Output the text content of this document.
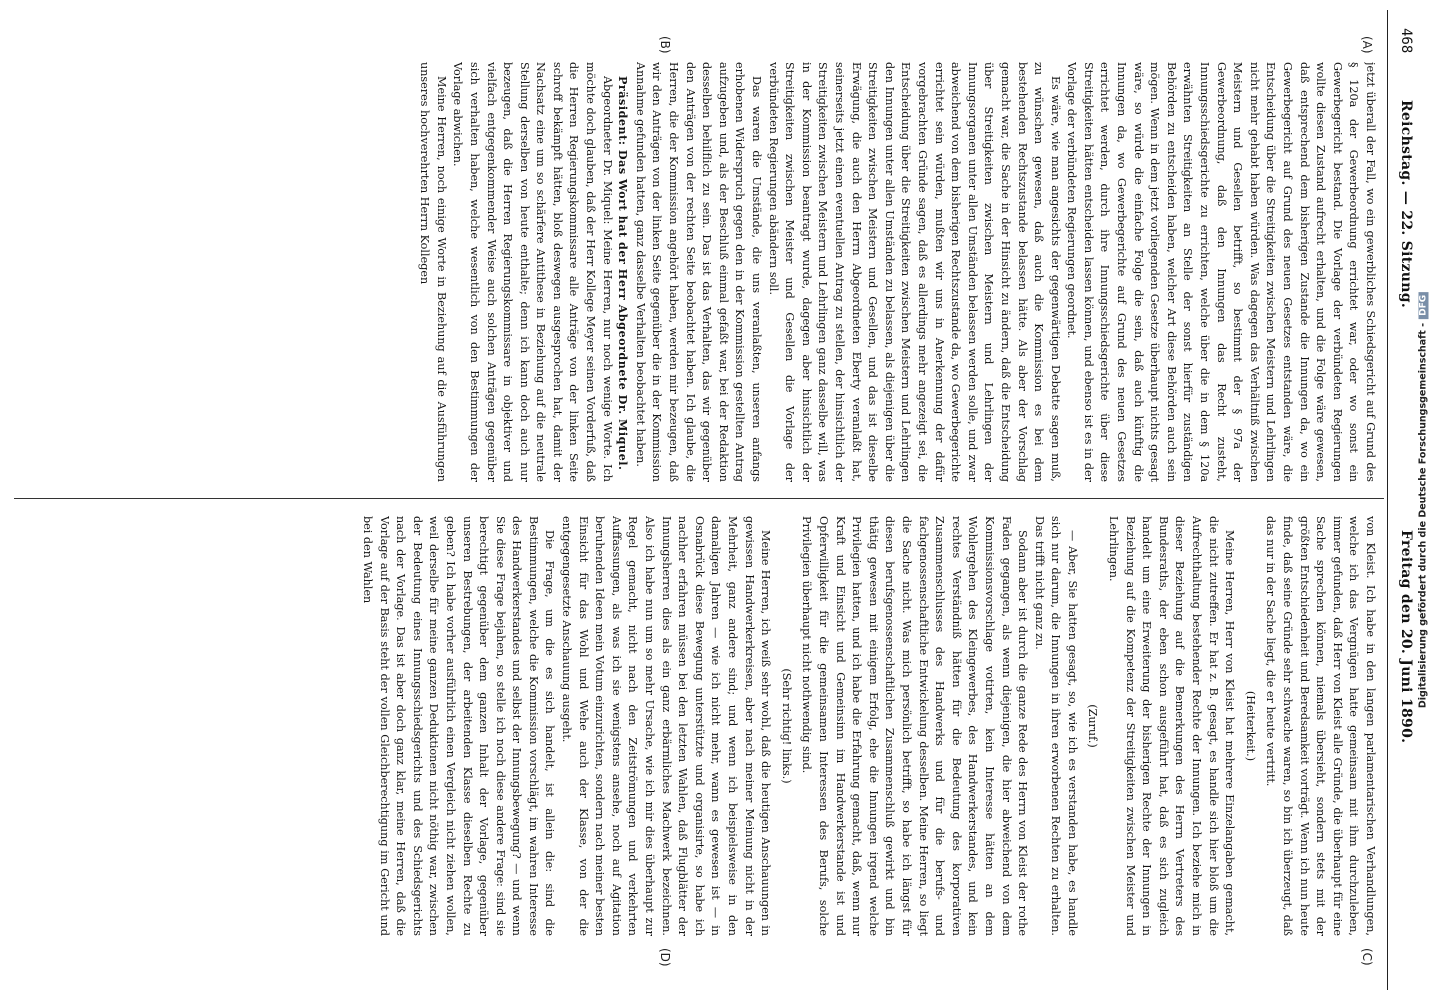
468
Reichstag. — 22. Sitzung.
Freitag den 20. Juni 1890.
(A)
(B)
(C)
(D)

jetzt überall der Fall, wo ein gewerbliches Schiedsgericht auf Grund des § 120a der Gewerbeordnung errichtet war, oder wo sonst ein Gewerbegericht bestand. Die Vorlage der verbündeten Regierungen wollte diesen Zustand aufrecht erhalten, und die Folge wäre gewesen, daß entsprechend dem bisherigen Zustande die Innungen da, wo ein Gewerbegericht auf Grund des neuen Gesetzes entstanden wäre, die Entscheidung über die Streitigkeiten zwischen Meistern und Lehrlingen nicht mehr gehabt haben würden. Was dagegen das Verhältniß zwischen Meistern und Gesellen betrifft, so bestimmt der § 97a der Gewerbeordnung, daß den Innungen das Recht zusteht, Innungsschiedsgerichte zu errichten, welche über die in dem § 120a erwähnten Streitigkeiten an Stelle der sonst hierfür zuständigen Behörden zu entscheiden haben, welcher Art diese Behörden auch sein mögen. Wenn in dem jetzt vorliegenden Gesetze überhaupt nichts gesagt wäre, so würde die einfache Folge die sein, daß auch künftig die Innungen da, wo Gewerbegerichte auf Grund des neuen Gesetzes errichtet werden, durch ihre Innungsschiedsgerichte über diese Streitigkeiten hätten entscheiden lassen können, und ebenso ist es in der Vorlage der verbündeten Regierungen geordnet.

Es wäre, wie man angesichts der gegenwärtigen Debatte sagen muß, zu wünschen gewesen, daß auch die Kommission es bei dem bestehenden Rechtszustande belassen hätte. Als aber der Vorschlag gemacht war, die Sache in der Hinsicht zu ändern, daß die Entscheidung über Streitigkeiten zwischen Meistern und Lehrlingen der Innungsorganen unter allen Umständen belassen werden solle, und zwar abweichend von dem bisherigen Rechtszustande da, wo Gewerbegerichte errichtet sein würden, mußten wir uns in Anerkennung der dafür vorgebrachten Gründe sagen, daß es allerdings mehr angezeigt sei, die Entscheidung über die Streitigkeiten zwischen Meistern und Lehrlingen den Innungen unter allen Umständen zu belassen, als diejenigen über die Streitigkeiten zwischen Meistern und Gesellen, und das ist dieselbe Erwägung, die auch den Herrn Abgeordneten Eberty veranlaßt hat, seinerseits jetzt einen eventuellen Antrag zu stellen, der hinsichtlich der Streitigkeiten zwischen Meistern und Lehrlingen ganz dasselbe will, was in der Kommission beantragt wurde, dagegen aber hinsichtlich der Streitigkeiten zwischen Meister und Gesellen die Vorlage der verbündeten Regierungen abändern soll.

Das waren die Umstände, die uns veranlaßten, unseren anfangs erhobenen Widerspruch gegen den in der Kommission gestellten Antrag aufzugeben und, als der Beschluß einmal gefaßt war, bei der Redaktion desselben behilflich zu sein. Das ist das Verhalten, das wir gegenüber den Anträgen von der rechten Seite beobachtet haben. Ich glaube, die Herren, die der Kommission angehört haben, werden mir bezeugen, daß wir den Anträgen von der linken Seite gegenüber die in der Kommission Annahme gefunden hatten, ganz dasselbe Verhalten beobachtet haben.

Präsident: Das Wort hat der Herr Abgeordnete Dr. Miquel.

Abgeordneter Dr. Miquel: Meine Herren, nur noch wenige Worte. Ich möchte doch glauben, daß der Herr Kollege Meyer seinen Vorderfuß, daß die Herren Regierungskommissare alle Anträge von der linken Seite schroff bekämpft hätten, bloß deswegen ausgesprochen hat, damit der Nachsatz eine um so schärfere Antithese in Beziehung auf die neutrale Stellung derselben von heute enthalte; denn ich kann doch auch nur bezeugen, daß die Herren Regierungskommissare in objektiver und vielfach entgegenkommender Weise auch solchen Anträgen gegenüber sich verhalten haben, welche wesentlich von den Bestimmungen der Vorlage abwichen.

Meine Herren, noch einige Worte in Beziehung auf die Ausführungen unseres hochverehrten Herrn Kollegen

von Kleist. Ich habe in den langen parlamentarischen Verhandlungen, welche ich das Vergnügen hatte gemeinsam mit ihm durchzuleben, immer gefunden, daß Herr von Kleist alle Gründe, die überhaupt für eine Sache sprechen können, niemals übersieht, sondern stets mit der größten Entschiedenheit und Beredsamkeit vorträgt. Wenn ich nun heute finde, daß seine Gründe sehr schwache waren, so bin ich überzeugt, daß das nur in der Sache liegt, die er heute vertritt.

(Heiterkeit.)

Meine Herren, Herr von Kleist hat mehrere Einzelangaben gemacht, die nicht zutreffen. Er hat z. B. gesagt, es handle sich hier bloß um die Aufrechthaltung bestehender Rechte der Innungen. Ich beziehe mich in dieser Beziehung auf die Bemerkungen des Herrn Vertreters des Bundesraths, der eben schon ausgeführt hat, daß es sich zugleich handelt um eine Erweiterung der bisherigen Rechte der Innungen in Beziehung auf die Kompetenz der Streitigkeiten zwischen Meister und Lehrlingen.

(Zuruf.)

— Aber, Sie hatten gesagt, so, wie ich es verstanden habe, es handle sich nur darum, die Innungen in ihren erworbenen Rechten zu erhalten. Das trifft nicht ganz zu.

Sodann aber ist durch die ganze Rede des Herrn von Kleist der rothe Faden gegangen, als wenn diejenigen, die hier abweichend von dem Kommissionsvorschlage votirten, kein Interesse hätten an dem Wohlergehen des Kleingewerbes, des Handwerkerstandes, und kein rechtes Verständniß hätten für die Bedeutung des korporativen Zusammenschlusses des Handwerks und für die berufs- und fachgenossenschaftliche Entwickelung desselben. Meine Herren, so liegt die Sache nicht. Was mich persönlich betrifft, so habe ich längst für diesen berufsgenossenschaftlichen Zusammenschluß gewirkt und bin thätig gewesen mit einigem Erfolg, ehe die Innungen irgend welche Privilegien hatten, und ich habe die Erfahrung gemacht, daß, wenn nur Kraft und Einsicht und Gemeinsinn im Handwerkerstande ist und Opferwilligkeit für die gemeinsamen Interessen des Berufs, solche Privilegien überhaupt nicht nothwendig sind.

(Sehr richtig! links.)

Meine Herren, ich weiß sehr wohl, daß die heutigen Anschauungen in gewissen Handwerkerkreisen, aber nach meiner Meinung nicht in der Mehrheit, ganz andere sind; und wenn ich beispielsweise in den damaligen Jahren — wie ich nicht mehr, wann es gewesen ist — in Osnabrück diese Bewegung unterstützte und organisirte, so habe ich nachher erfahren müssen bei den letzten Wahlen, daß Flugblätter der Innungsherren dies als ein ganz erbärmliches Machwerk bezeichnen. Also ich habe nun um so mehr Ursache, wie ich mir dies überhaupt zur Regel gemacht, nicht nach den Zeitströmungen und verkehrten Auffassungen, als was ich sie wenigstens ansehe, noch auf Agitation beruhenden Ideen mein Votum einzurichten, sondern nach meiner besten Einsicht für das Wohl und Wehe auch der Klasse, von der die entgegengesetzte Anschauung ausgeht.

Die Frage, um die es sich handelt, ist allein die: sind die Bestimmungen, welche die Kommission vorschlägt, im wahren Interesse des Handwerkerstandes und selbst der Innungsbewegung? — und wenn Sie diese Frage bejahen, so stelle ich noch diese andere Frage: sind sie berechtigt gegenüber dem ganzen Inhalt der Vorlage, gegenüber unseren Bestrebungen, der arbeitenden Klasse dieselben Rechte zu geben? Ich habe vorher ausführlich einen Vergleich nicht ziehen wollen, weil derselbe für meine ganzen Deduktionen nicht nöthig war, zwischen der Bedeutung eines Innungsschiedsgerichts und des Schiedsgerichts nach der Vorlage. Das ist aber doch ganz klar, meine Herren, daß die Vorlage auf der Basis steht der vollen Gleichberechtigung im Gericht und bei den Wahlen	Digitalisierung gefördert durch die Deutsche Forschungsgemeinschaft -DFG
